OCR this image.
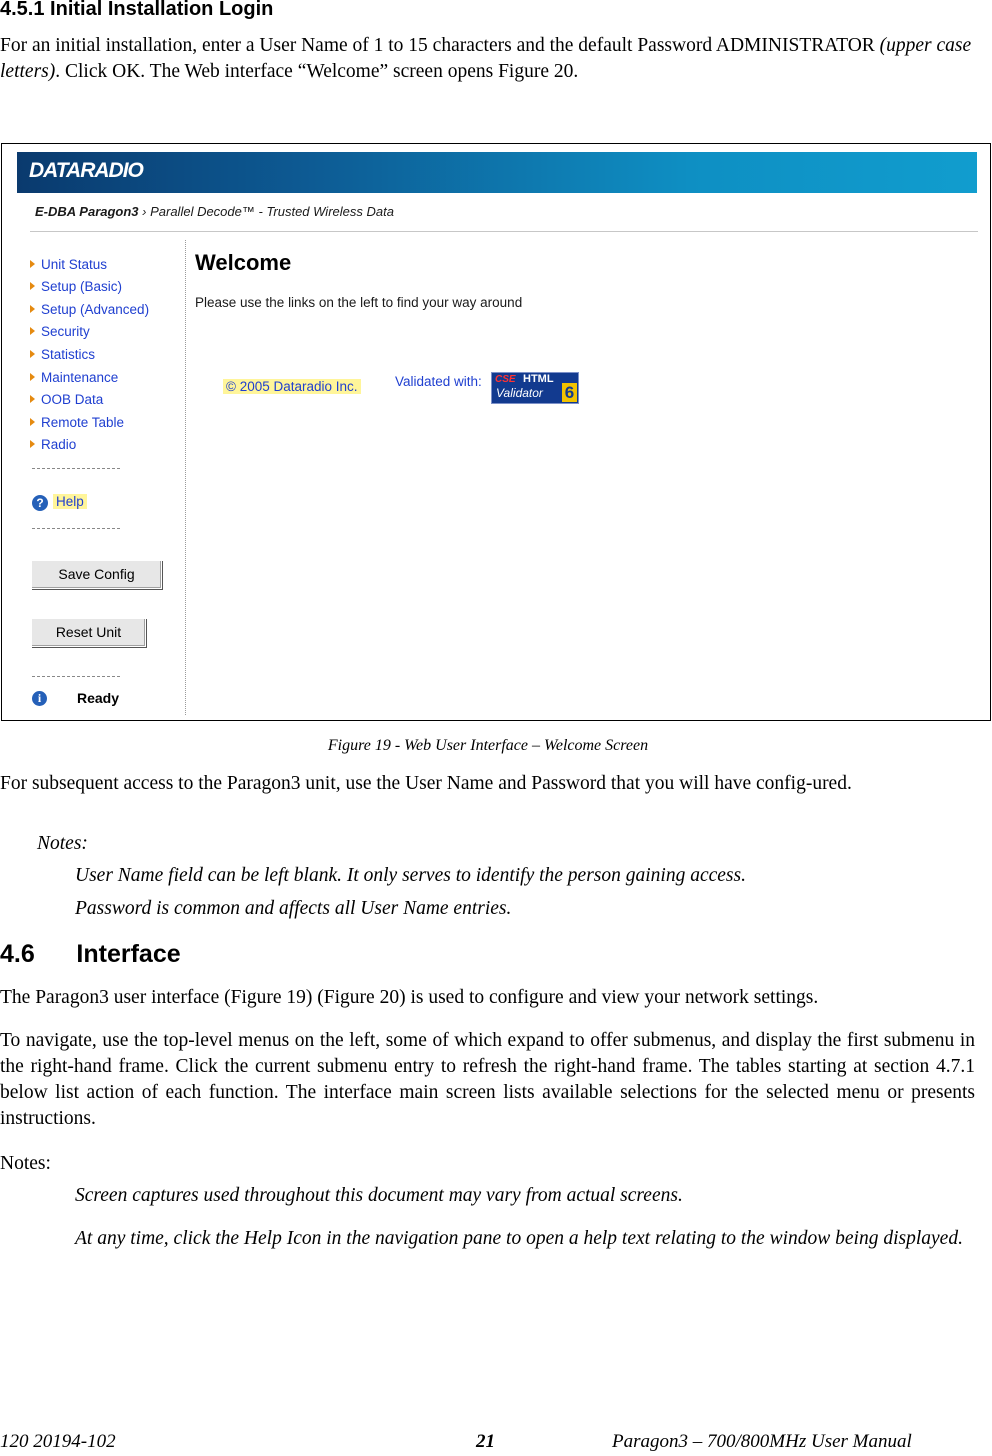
4.5.1 Initial Installation Login
For an initial installation, enter a User Name of 1 to 15 characters and the default Password ADMINISTRATOR (upper case letters). Click OK. The Web interface “Welcome” screen opens Figure 20.
DATARADIO
E-DBA Paragon3 › Parallel Decode™ - Trusted Wireless Data
Unit Status
Setup (Basic)
Setup (Advanced)
Security
Statistics
Maintenance
OOB Data
Remote Table
Radio
? Help
Save Config
Reset Unit
i	Ready
Welcome
Please use the links on the left to find your way around
© 2005 Dataradio Inc.	Validated with: CSE HTML
Validator 6
Figure 19 - Web User Interface – Welcome Screen
For subsequent access to the Paragon3 unit, use the User Name and Password that you will have config-ured.
Notes:
User Name field can be left blank. It only serves to identify the person gaining access.
Password is common and affects all User Name entries.
4.6      Interface
The Paragon3 user interface (Figure 19) (Figure 20) is used to configure and view your network settings.
To navigate, use the top-level menus on the left, some of which expand to offer submenus, and display the first submenu in the right-hand frame. Click the current submenu entry to refresh the right-hand frame. The tables starting at section 4.7.1 below list action of each function. The interface main screen lists available selections for the selected menu or presents instructions.
Notes:
Screen captures used throughout this document may vary from actual screens.
At any time, click the Help Icon in the navigation pane to open a help text relating to the window being displayed.
120 20194-102	21	Paragon3 – 700/800MHz User Manual
